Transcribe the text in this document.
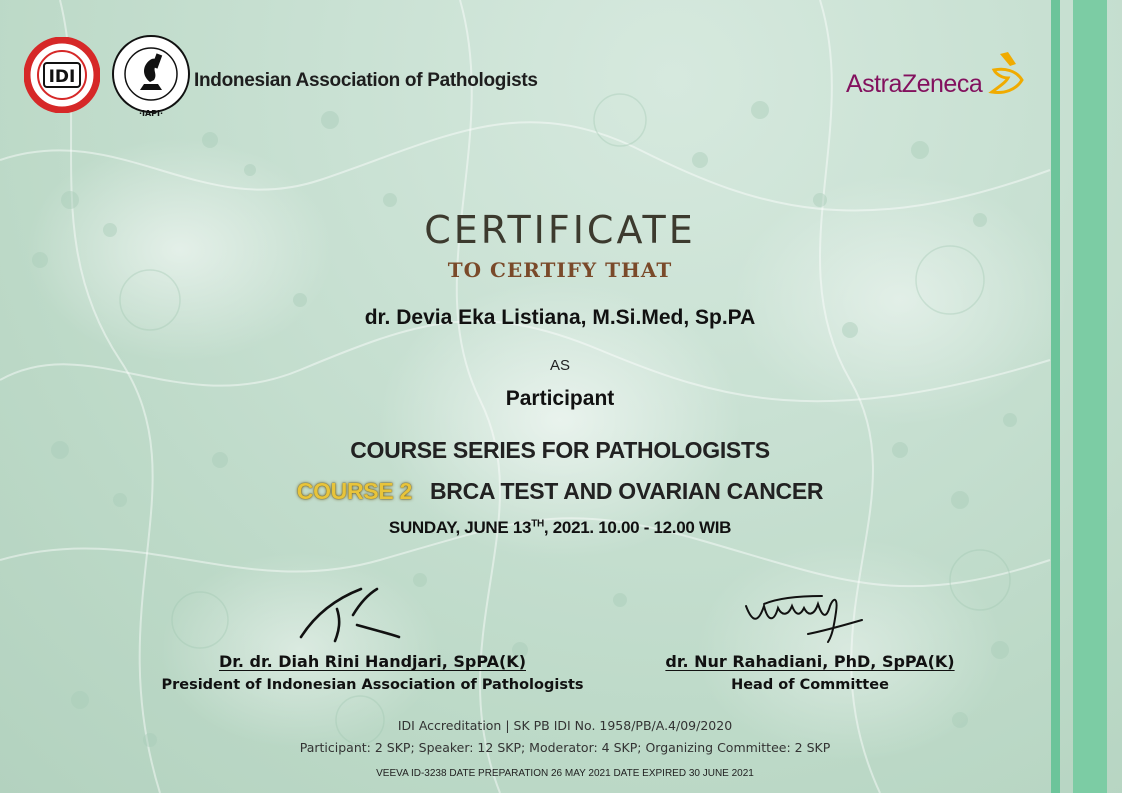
IDI
·IAPI·
Indonesian Association of Pathologists	AstraZeneca
CERTIFICATE
TO CERTIFY THAT
dr. Devia Eka Listiana, M.Si.Med, Sp.PA
AS
Participant
COURSE SERIES FOR PATHOLOGISTS
COURSE 2 BRCA TEST AND OVARIAN CANCER
SUNDAY, JUNE 13TH, 2021. 10.00 - 12.00 WIB
Dr. dr. Diah Rini Handjari, SpPA(K)
President of Indonesian Association of Pathologists
dr. Nur Rahadiani, PhD, SpPA(K)
Head of Committee
IDI Accreditation | SK PB IDI No. 1958/PB/A.4/09/2020
Participant: 2 SKP; Speaker: 12 SKP; Moderator: 4 SKP; Organizing Committee: 2 SKP
VEEVA ID-3238 DATE PREPARATION 26 MAY 2021 DATE EXPIRED 30 JUNE 2021
